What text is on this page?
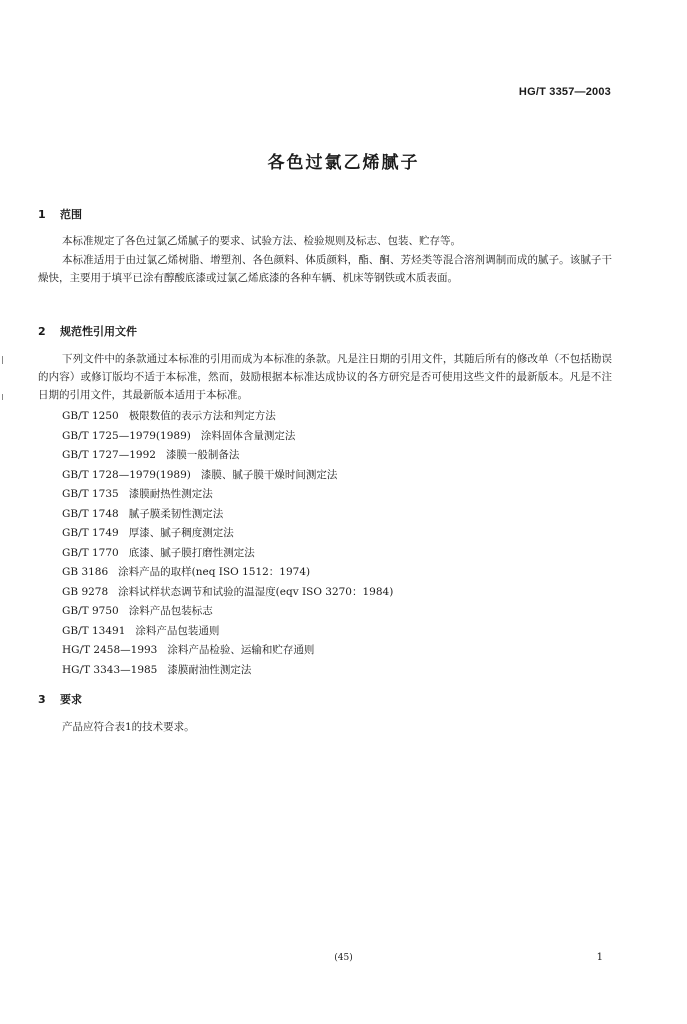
HG/T 3357—2003
各色过氯乙烯腻子
1 范围
本标准规定了各色过氯乙烯腻子的要求、试验方法、检验规则及标志、包装、贮存等。
本标准适用于由过氯乙烯树脂、增塑剂、各色颜料、体质颜料，酯、酮、芳烃类等混合溶剂调制而成的腻子。该腻子干燥快，主要用于填平已涂有醇酸底漆或过氯乙烯底漆的各种车辆、机床等钢铁或木质表面。
2 规范性引用文件
下列文件中的条款通过本标准的引用而成为本标准的条款。凡是注日期的引用文件，其随后所有的修改单（不包括勘误的内容）或修订版均不适于本标准，然而，鼓励根据本标准达成协议的各方研究是否可使用这些文件的最新版本。凡是不注日期的引用文件，其最新版本适用于本标准。
GB/T 1250 极限数值的表示方法和判定方法
GB/T 1725—1979(1989) 涂料固体含量测定法
GB/T 1727—1992 漆膜一般制备法
GB/T 1728—1979(1989) 漆膜、腻子膜干燥时间测定法
GB/T 1735 漆膜耐热性测定法
GB/T 1748 腻子膜柔韧性测定法
GB/T 1749 厚漆、腻子稠度测定法
GB/T 1770 底漆、腻子膜打磨性测定法
GB 3186 涂料产品的取样(neq ISO 1512：1974)
GB 9278 涂料试样状态调节和试验的温湿度(eqv ISO 3270：1984)
GB/T 9750 涂料产品包装标志
GB/T 13491 涂料产品包装通则
HG/T 2458—1993 涂料产品检验、运输和贮存通则
HG/T 3343—1985 漆膜耐油性测定法
3 要求
产品应符合表1的技术要求。
(45)	1
